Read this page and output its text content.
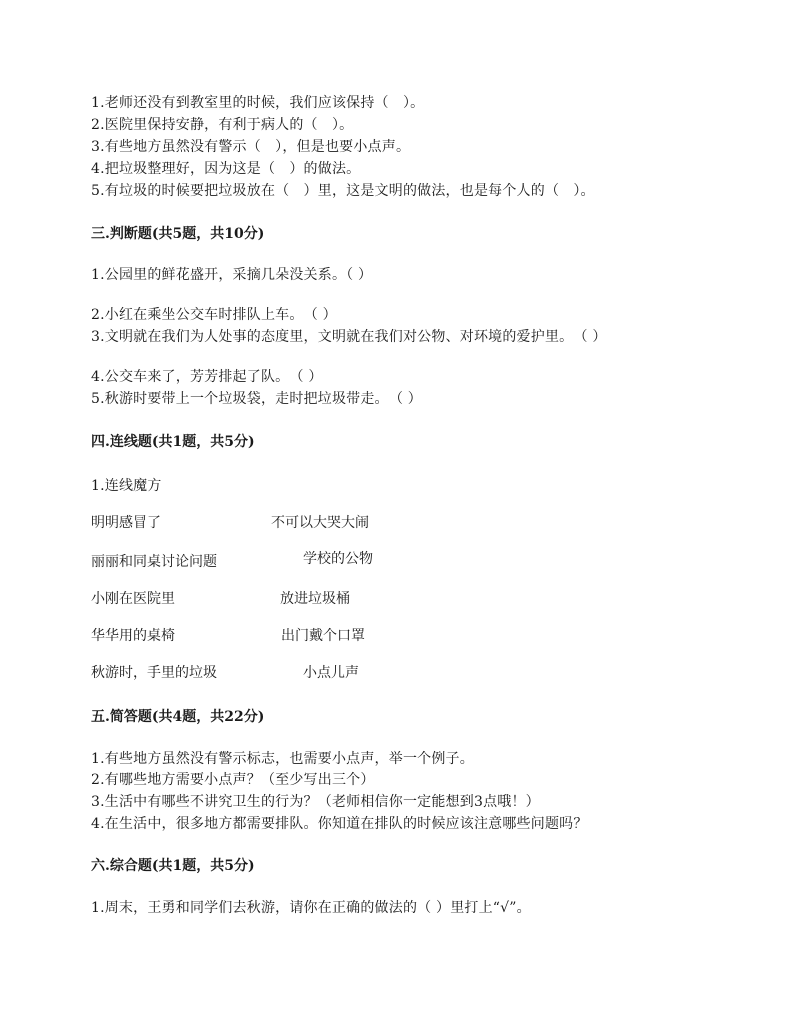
1.老师还没有到教室里的时候，我们应该保持（　）。
2.医院里保持安静，有利于病人的（　）。
3.有些地方虽然没有警示（　），但是也要小点声。
4.把垃圾整理好，因为这是（　）的做法。
5.有垃圾的时候要把垃圾放在（　）里，这是文明的做法，也是每个人的（　）。
三.判断题(共5题，共10分)
1.公园里的鲜花盛开，采摘几朵没关系。（ ）
2.小红在乘坐公交车时排队上车。　（ ）
3.文明就在我们为人处事的态度里，文明就在我们对公物、对环境的爱护里。　（ ）
4.公交车来了，芳芳排起了队。　（ ）
5.秋游时要带上一个垃圾袋，走时把垃圾带走。　（ ）
四.连线题(共1题，共5分)
1.连线魔方
明明感冒了	不可以大哭大闹
丽丽和同桌讨论问题	学校的公物
小刚在医院里	放进垃圾桶
华华用的桌椅	出门戴个口罩
秋游时，手里的垃圾	小点儿声
五.简答题(共4题，共22分)
1.有些地方虽然没有警示标志，也需要小点声，举一个例子。
2.有哪些地方需要小点声？（至少写出三个）
3.生活中有哪些不讲究卫生的行为？（老师相信你一定能想到3点哦！）
4.在生活中，很多地方都需要排队。你知道在排队的时候应该注意哪些问题吗？
六.综合题(共1题，共5分)
1.周末，王勇和同学们去秋游，请你在正确的做法的（ ）里打上“√”。
